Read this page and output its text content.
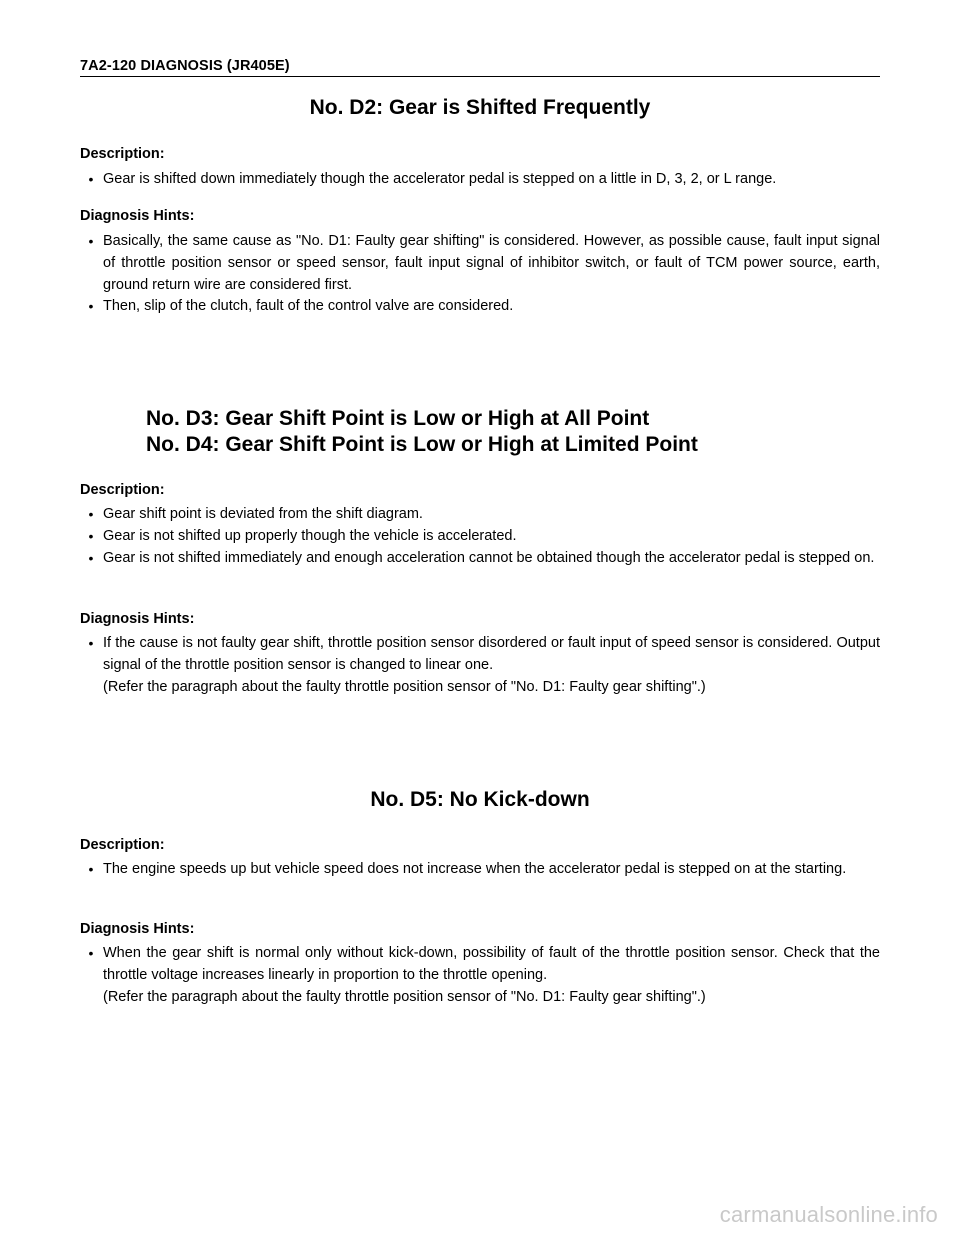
7A2-120 DIAGNOSIS (JR405E)
No. D2: Gear is Shifted Frequently
Description:
• Gear is shifted down immediately though the accelerator pedal is stepped on a little in D, 3, 2, or L range.
Diagnosis Hints:
• Basically, the same cause as "No. D1: Faulty gear shifting" is considered. However, as possible cause, fault input signal of throttle position sensor or speed sensor, fault input signal of inhibitor switch, or fault of TCM power source, earth, ground return wire are considered first.
• Then, slip of the clutch, fault of the control valve are considered.
No. D3: Gear Shift Point is Low or High at All Point
No. D4: Gear Shift Point is Low or High at Limited Point
Description:
• Gear shift point is deviated from the shift diagram.
• Gear is not shifted up properly though the vehicle is accelerated.
• Gear is not shifted immediately and enough acceleration cannot be obtained though the accelerator pedal is stepped on.
Diagnosis Hints:
• If the cause is not faulty gear shift, throttle position sensor disordered or fault input of speed sensor is considered. Output signal of the throttle position sensor is changed to linear one.
(Refer the paragraph about the faulty throttle position sensor of "No. D1: Faulty gear shifting".)
No. D5: No Kick-down
Description:
• The engine speeds up but vehicle speed does not increase when the accelerator pedal is stepped on at the starting.
Diagnosis Hints:
• When the gear shift is normal only without kick-down, possibility of fault of the throttle position sensor. Check that the throttle voltage increases linearly in proportion to the throttle opening.
(Refer the paragraph about the faulty throttle position sensor of "No. D1: Faulty gear shifting".)
carmanualsonline.info
